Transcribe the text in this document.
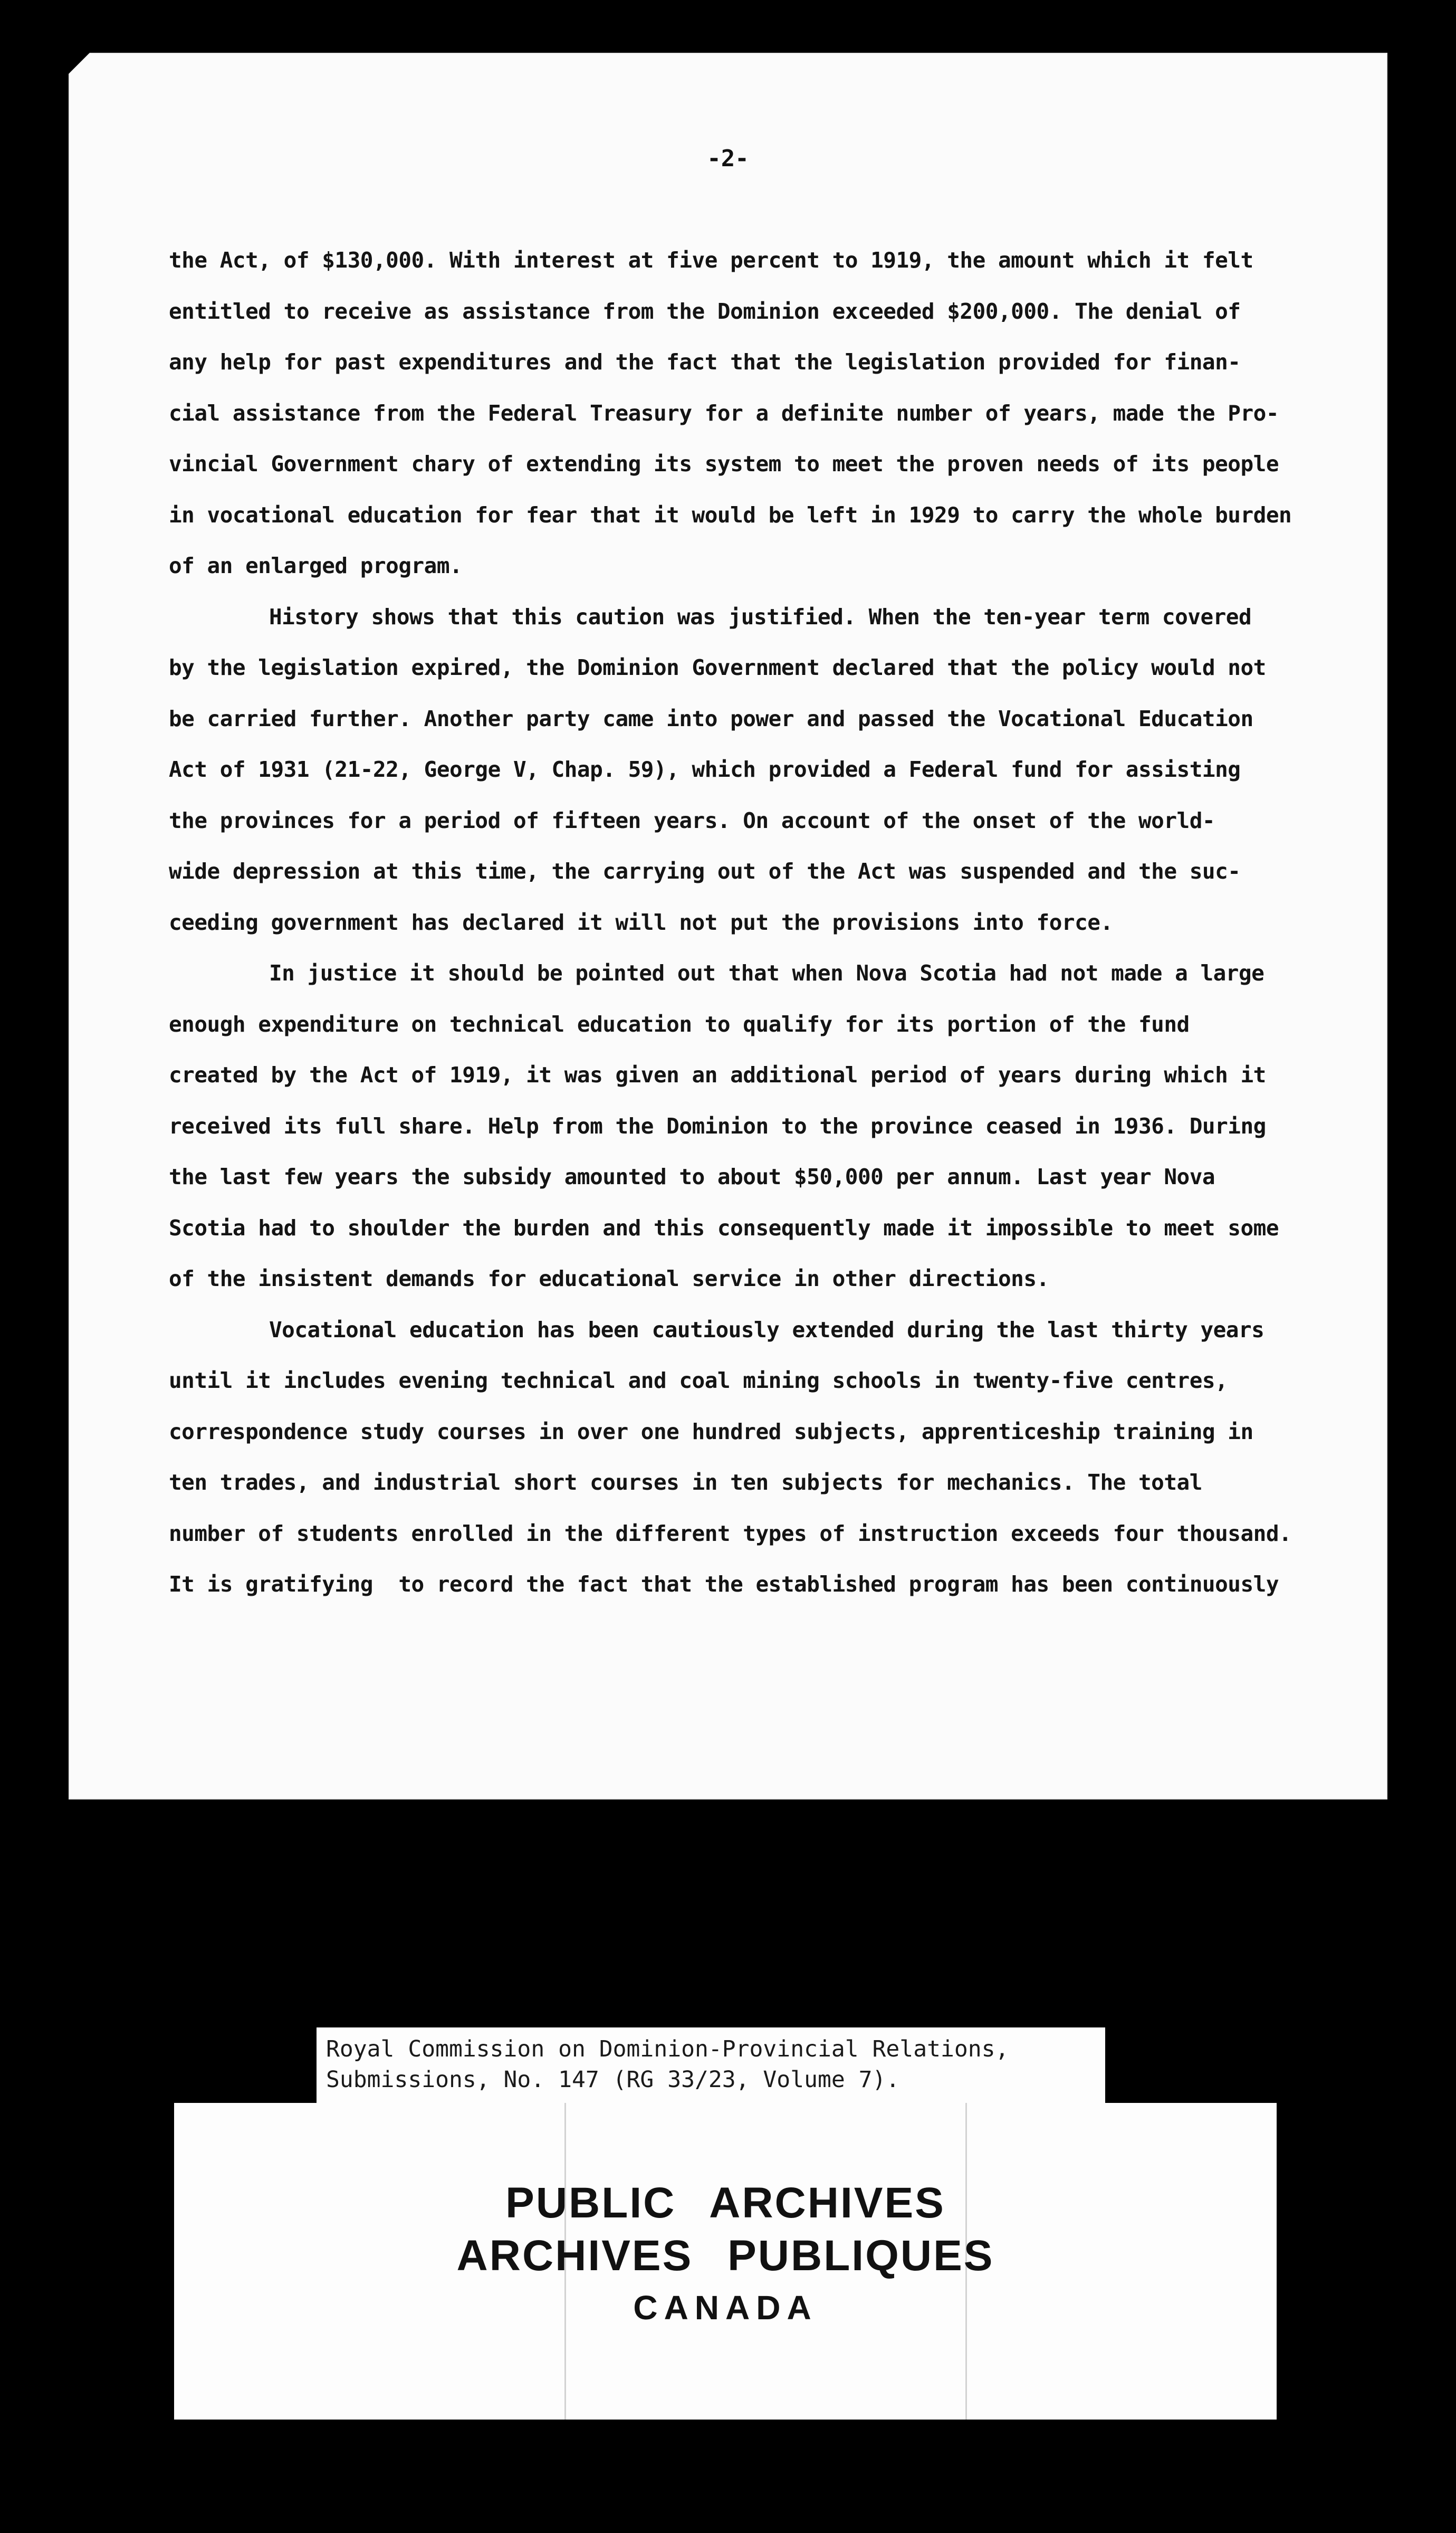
-2-
the Act, of $130,000. With interest at five percent to 1919, the amount which it felt
entitled to receive as assistance from the Dominion exceeded $200,000. The denial of
any help for past expenditures and the fact that the legislation provided for finan-
cial assistance from the Federal Treasury for a definite number of years, made the Pro-
vincial Government chary of extending its system to meet the proven needs of its people
in vocational education for fear that it would be left in 1929 to carry the whole burden
of an enlarged program.
History shows that this caution was justified. When the ten-year term covered
by the legislation expired, the Dominion Government declared that the policy would not
be carried further. Another party came into power and passed the Vocational Education
Act of 1931 (21-22, George V, Chap. 59), which provided a Federal fund for assisting
the provinces for a period of fifteen years. On account of the onset of the world-
wide depression at this time, the carrying out of the Act was suspended and the suc-
ceeding government has declared it will not put the provisions into force.
In justice it should be pointed out that when Nova Scotia had not made a large
enough expenditure on technical education to qualify for its portion of the fund
created by the Act of 1919, it was given an additional period of years during which it
received its full share. Help from the Dominion to the province ceased in 1936. During
the last few years the subsidy amounted to about $50,000 per annum. Last year Nova
Scotia had to shoulder the burden and this consequently made it impossible to meet some
of the insistent demands for educational service in other directions.
Vocational education has been cautiously extended during the last thirty years
until it includes evening technical and coal mining schools in twenty-five centres,
correspondence study courses in over one hundred subjects, apprenticeship training in
ten trades, and industrial short courses in ten subjects for mechanics. The total
number of students enrolled in the different types of instruction exceeds four thousand.
It is gratifying  to record the fact that the established program has been continuously
Royal Commission on Dominion-Provincial Relations,
Submissions, No. 147 (RG 33/23, Volume 7).
PUBLIC ARCHIVES
ARCHIVES PUBLIQUES
CANADA
